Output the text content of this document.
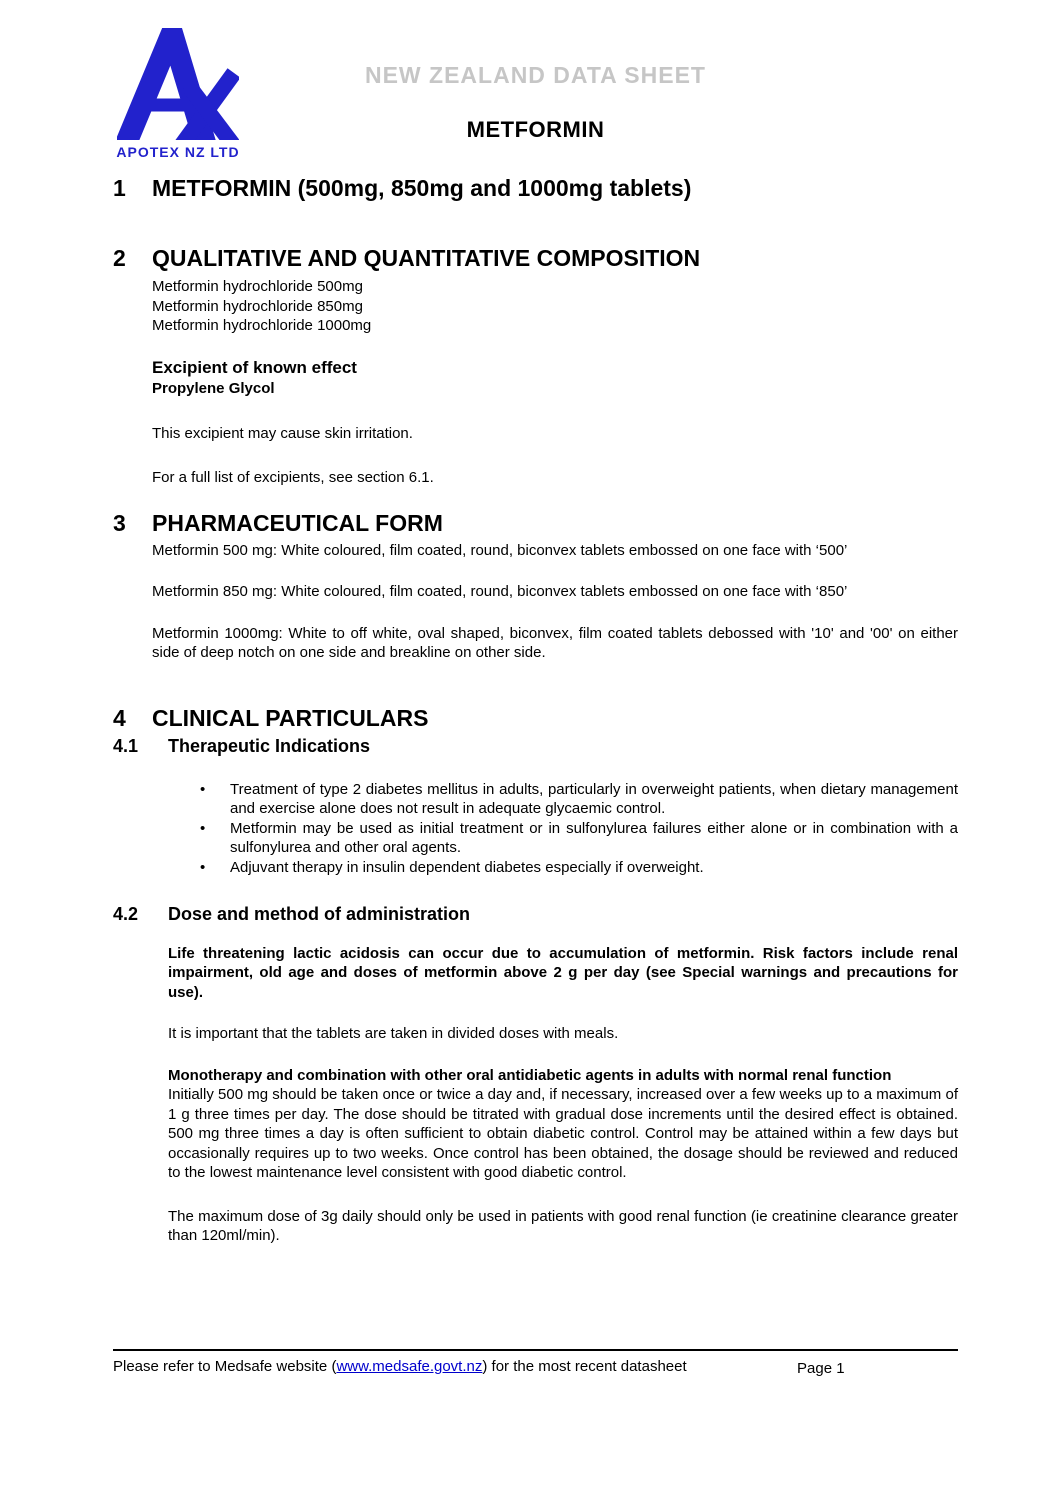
APOTEX NZ LTD
NEW ZEALAND DATA SHEET
METFORMIN
1	METFORMIN (500mg, 850mg and 1000mg tablets)
2	QUALITATIVE AND QUANTITATIVE COMPOSITION
Metformin hydrochloride 500mg
Metformin hydrochloride 850mg
Metformin hydrochloride 1000mg
Excipient of known effect
Propylene Glycol
This excipient may cause skin irritation.
For a full list of excipients, see section 6.1.
3	PHARMACEUTICAL FORM
Metformin 500 mg: White coloured, film coated, round, biconvex tablets embossed on one face with ‘500’
Metformin 850 mg: White coloured, film coated, round, biconvex tablets embossed on one face with ‘850’
Metformin 1000mg: White to off white, oval shaped, biconvex, film coated tablets debossed with '10' and '00' on either side of deep notch on one side and breakline on other side.
4	CLINICAL PARTICULARS
4.1	Therapeutic Indications
•	Treatment of type 2 diabetes mellitus in adults, particularly in overweight patients, when dietary management and exercise alone does not result in adequate glycaemic control.
•	Metformin may be used as initial treatment or in sulfonylurea failures either alone or in combination with a sulfonylurea and other oral agents.
•	Adjuvant therapy in insulin dependent diabetes especially if overweight.
4.2	Dose and method of administration
Life threatening lactic acidosis can occur due to accumulation of metformin. Risk factors include renal impairment, old age and doses of metformin above 2 g per day (see Special warnings and precautions for use).
It is important that the tablets are taken in divided doses with meals.
Monotherapy and combination with other oral antidiabetic agents in adults with normal renal function
Initially 500 mg should be taken once or twice a day and, if necessary, increased over a few weeks up to a maximum of 1 g three times per day. The dose should be titrated with gradual dose increments until the desired effect is obtained. 500 mg three times a day is often sufficient to obtain diabetic control. Control may be attained within a few days but occasionally requires up to two weeks. Once control has been obtained, the dosage should be reviewed and reduced to the lowest maintenance level consistent with good diabetic control.
The maximum dose of 3g daily should only be used in patients with good renal function (ie creatinine clearance greater than 120ml/min).
Please refer to Medsafe website (www.medsafe.govt.nz) for the most recent datasheet	Page 1
